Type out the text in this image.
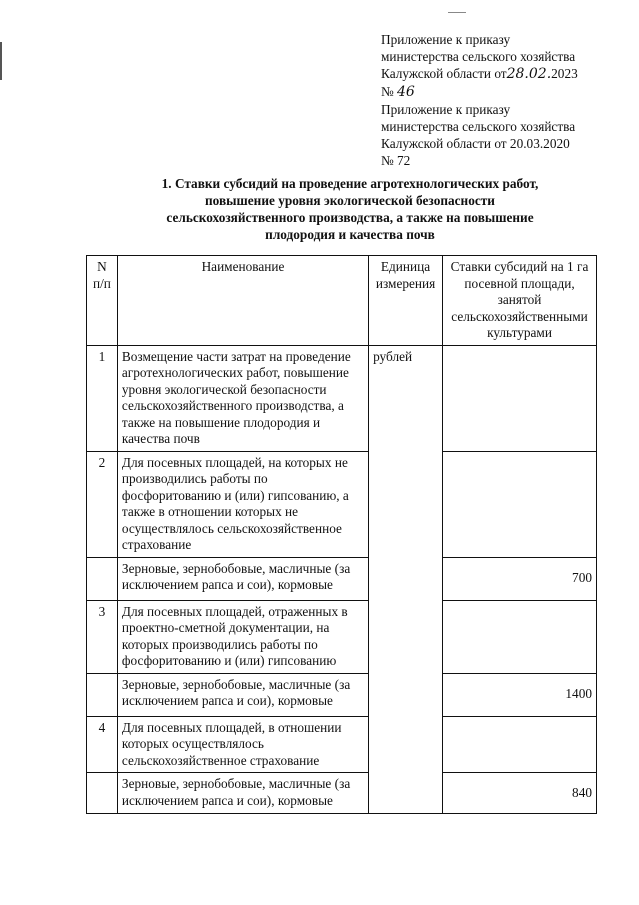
Приложение к приказу
министерства сельского хозяйства
Калужской области от28.02.2023
№ 46
Приложение к приказу
министерства сельского хозяйства
Калужской области от 20.03.2020
№ 72
1. Ставки субсидий на проведение агротехнологических работ,
повышение уровня экологической безопасности
сельскохозяйственного производства, а также на повышение
плодородия и качества почв
N п/п	Наименование	Единица измерения	Ставки субсидий на 1 га посевной площади, занятой сельскохозяйственными культурами
1	Возмещение части затрат на проведение агротехнологических работ, повышение уровня экологической безопасности сельскохозяйственного производства, а также на повышение плодородия и качества почв	рублей	
2	Для посевных площадей, на которых не производились работы по фосфоритованию и (или) гипсованию, а также в отношении которых не осуществлялось сельскохозяйственное страхование		
	Зерновые, зернобобовые, масличные (за исключением рапса и сои), кормовые		700
3	Для посевных площадей, отраженных в проектно-сметной документации, на которых производились работы по фосфоритованию и (или) гипсованию		
	Зерновые, зернобобовые, масличные (за исключением рапса и сои), кормовые		1400
4	Для посевных площадей, в отношении которых осуществлялось сельскохозяйственное страхование		
	Зерновые, зернобобовые, масличные (за исключением рапса и сои), кормовые		840
